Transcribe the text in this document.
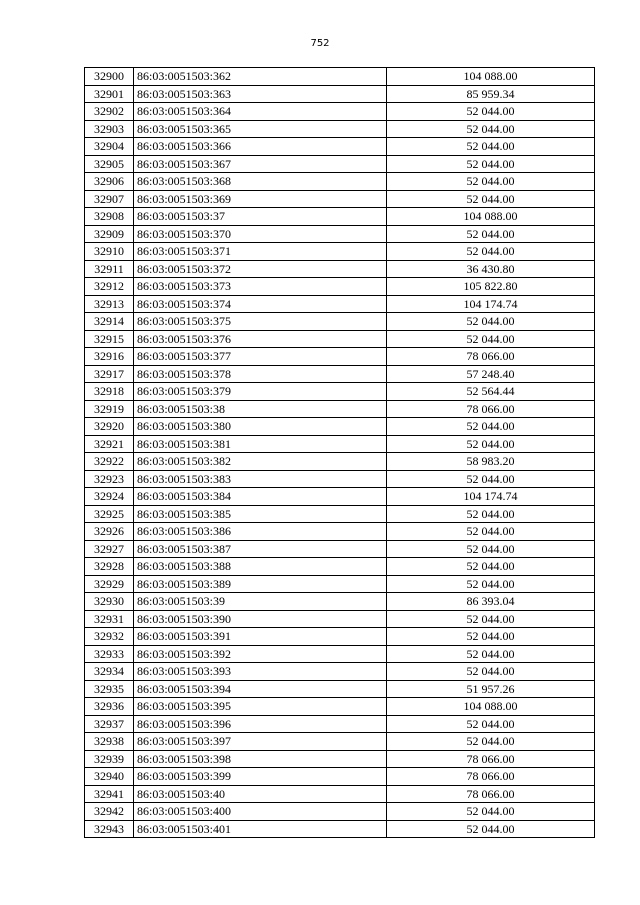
752
32900	86:03:0051503:362	104 088.00
32901	86:03:0051503:363	85 959.34
32902	86:03:0051503:364	52 044.00
32903	86:03:0051503:365	52 044.00
32904	86:03:0051503:366	52 044.00
32905	86:03:0051503:367	52 044.00
32906	86:03:0051503:368	52 044.00
32907	86:03:0051503:369	52 044.00
32908	86:03:0051503:37	104 088.00
32909	86:03:0051503:370	52 044.00
32910	86:03:0051503:371	52 044.00
32911	86:03:0051503:372	36 430.80
32912	86:03:0051503:373	105 822.80
32913	86:03:0051503:374	104 174.74
32914	86:03:0051503:375	52 044.00
32915	86:03:0051503:376	52 044.00
32916	86:03:0051503:377	78 066.00
32917	86:03:0051503:378	57 248.40
32918	86:03:0051503:379	52 564.44
32919	86:03:0051503:38	78 066.00
32920	86:03:0051503:380	52 044.00
32921	86:03:0051503:381	52 044.00
32922	86:03:0051503:382	58 983.20
32923	86:03:0051503:383	52 044.00
32924	86:03:0051503:384	104 174.74
32925	86:03:0051503:385	52 044.00
32926	86:03:0051503:386	52 044.00
32927	86:03:0051503:387	52 044.00
32928	86:03:0051503:388	52 044.00
32929	86:03:0051503:389	52 044.00
32930	86:03:0051503:39	86 393.04
32931	86:03:0051503:390	52 044.00
32932	86:03:0051503:391	52 044.00
32933	86:03:0051503:392	52 044.00
32934	86:03:0051503:393	52 044.00
32935	86:03:0051503:394	51 957.26
32936	86:03:0051503:395	104 088.00
32937	86:03:0051503:396	52 044.00
32938	86:03:0051503:397	52 044.00
32939	86:03:0051503:398	78 066.00
32940	86:03:0051503:399	78 066.00
32941	86:03:0051503:40	78 066.00
32942	86:03:0051503:400	52 044.00
32943	86:03:0051503:401	52 044.00
